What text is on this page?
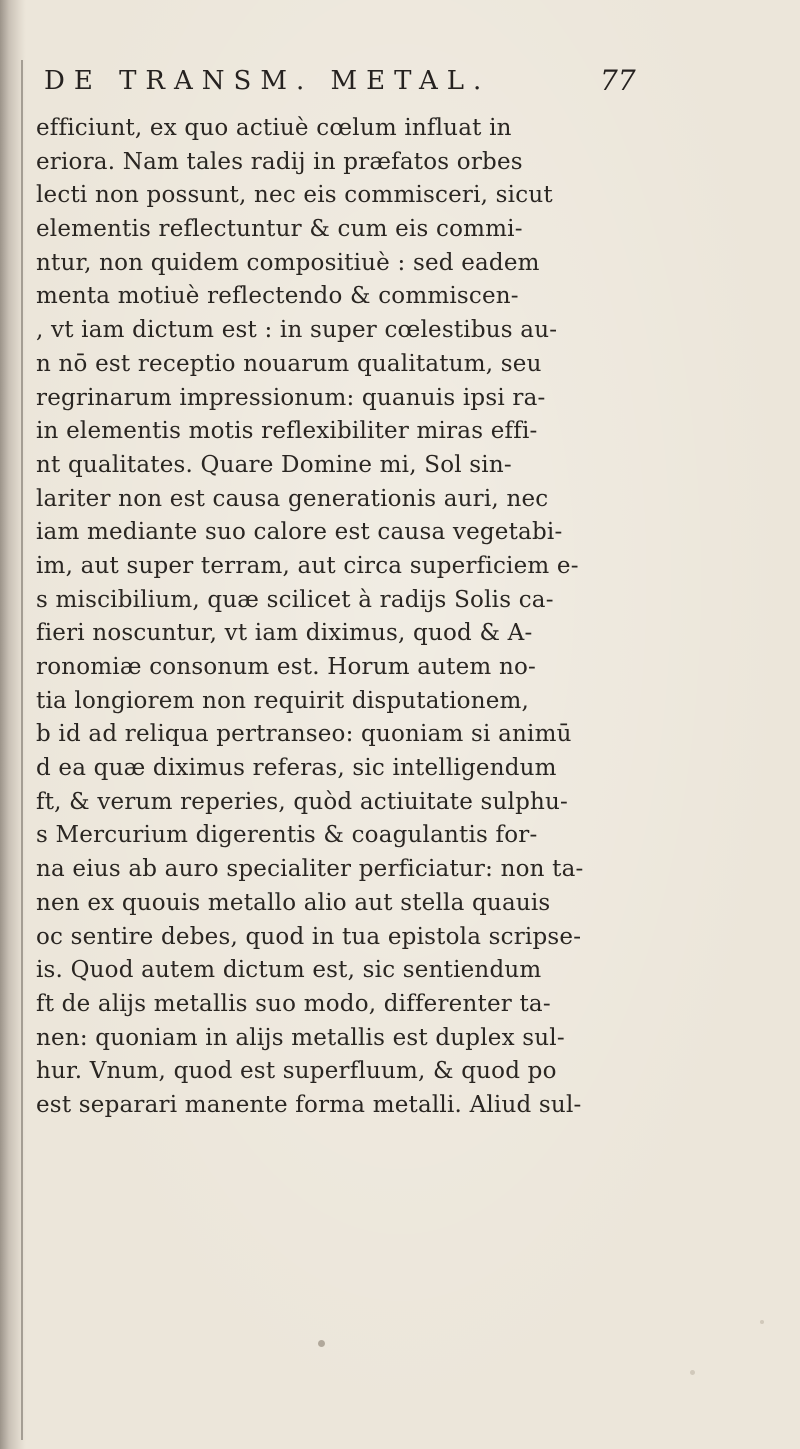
DE TRANSM. METAL.	77
efficiunt, ex quo actiuè cœlum influat in
eriora. Nam tales radij in præfatos orbes
lecti non possunt, nec eis commisceri, sicut
elementis reflectuntur & cum eis commi-
ntur, non quidem compositiuè : sed eadem
menta motiuè reflectendo & commiscen-
, vt iam dictum est : in super cœlestibus au-
n nō est receptio nouarum qualitatum, seu
regrinarum impressionum: quanuis ipsi ra-
in elementis motis reflexibiliter miras effi-
nt qualitates. Quare Domine mi, Sol sin-
lariter non est causa generationis auri, nec
iam mediante suo calore est causa vegetabi-
im, aut super terram, aut circa superficiem e-
s miscibilium, quæ scilicet à radijs Solis ca-
fieri noscuntur, vt iam diximus, quod & A-
ronomiæ consonum est. Horum autem no-
tia longiorem non requirit disputationem,
b id ad reliqua pertranseo: quoniam si animū
d ea quæ diximus referas, sic intelligendum
ft, & verum reperies, quòd actiuitate sulphu-
s Mercurium digerentis & coagulantis for-
na eius ab auro specialiter perficiatur: non ta-
nen ex quouis metallo alio aut stella quauis
oc sentire debes, quod in tua epistola scripse-
is. Quod autem dictum est, sic sentiendum
ft de alijs metallis suo modo, differenter ta-
nen: quoniam in alijs metallis est duplex sul-
hur. Vnum, quod est superfluum, & quod po
est separari manente forma metalli. Aliud sul-
